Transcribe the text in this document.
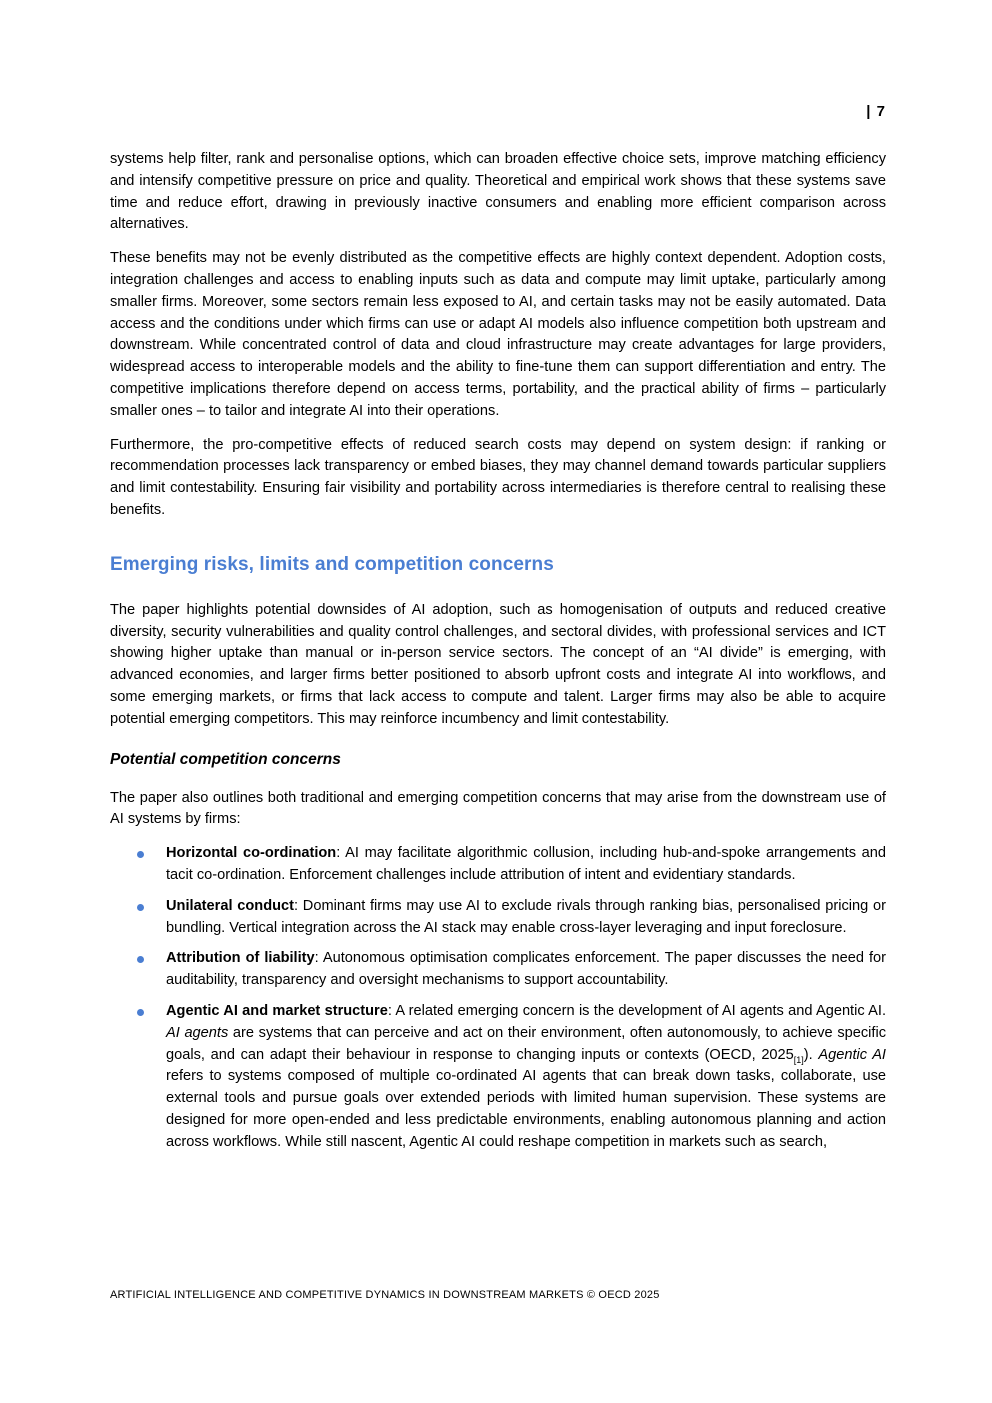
| 7

systems help filter, rank and personalise options, which can broaden effective choice sets, improve matching efficiency and intensify competitive pressure on price and quality. Theoretical and empirical work shows that these systems save time and reduce effort, drawing in previously inactive consumers and enabling more efficient comparison across alternatives.

These benefits may not be evenly distributed as the competitive effects are highly context dependent. Adoption costs, integration challenges and access to enabling inputs such as data and compute may limit uptake, particularly among smaller firms. Moreover, some sectors remain less exposed to AI, and certain tasks may not be easily automated. Data access and the conditions under which firms can use or adapt AI models also influence competition both upstream and downstream. While concentrated control of data and cloud infrastructure may create advantages for large providers, widespread access to interoperable models and the ability to fine-tune them can support differentiation and entry. The competitive implications therefore depend on access terms, portability, and the practical ability of firms – particularly smaller ones – to tailor and integrate AI into their operations.

Furthermore, the pro-competitive effects of reduced search costs may depend on system design: if ranking or recommendation processes lack transparency or embed biases, they may channel demand towards particular suppliers and limit contestability. Ensuring fair visibility and portability across intermediaries is therefore central to realising these benefits.

Emerging risks, limits and competition concerns

The paper highlights potential downsides of AI adoption, such as homogenisation of outputs and reduced creative diversity, security vulnerabilities and quality control challenges, and sectoral divides, with professional services and ICT showing higher uptake than manual or in-person service sectors. The concept of an “AI divide” is emerging, with advanced economies, and larger firms better positioned to absorb upfront costs and integrate AI into workflows, and some emerging markets, or firms that lack access to compute and talent. Larger firms may also be able to acquire potential emerging competitors. This may reinforce incumbency and limit contestability.

Potential competition concerns

The paper also outlines both traditional and emerging competition concerns that may arise from the downstream use of AI systems by firms:

Horizontal co-ordination: AI may facilitate algorithmic collusion, including hub-and-spoke arrangements and tacit co-ordination. Enforcement challenges include attribution of intent and evidentiary standards.
Unilateral conduct: Dominant firms may use AI to exclude rivals through ranking bias, personalised pricing or bundling. Vertical integration across the AI stack may enable cross-layer leveraging and input foreclosure.
Attribution of liability: Autonomous optimisation complicates enforcement. The paper discusses the need for auditability, transparency and oversight mechanisms to support accountability.
Agentic AI and market structure: A related emerging concern is the development of AI agents and Agentic AI. AI agents are systems that can perceive and act on their environment, often autonomously, to achieve specific goals, and can adapt their behaviour in response to changing inputs or contexts (OECD, $2025_{[1]}$). Agentic AI refers to systems composed of multiple co-ordinated AI agents that can break down tasks, collaborate, use external tools and pursue goals over extended periods with limited human supervision. These systems are designed for more open-ended and less predictable environments, enabling autonomous planning and action across workflows. While still nascent, Agentic AI could reshape competition in markets such as search,
ARTIFICIAL INTELLIGENCE AND COMPETITIVE DYNAMICS IN DOWNSTREAM MARKETS © OECD 2025
